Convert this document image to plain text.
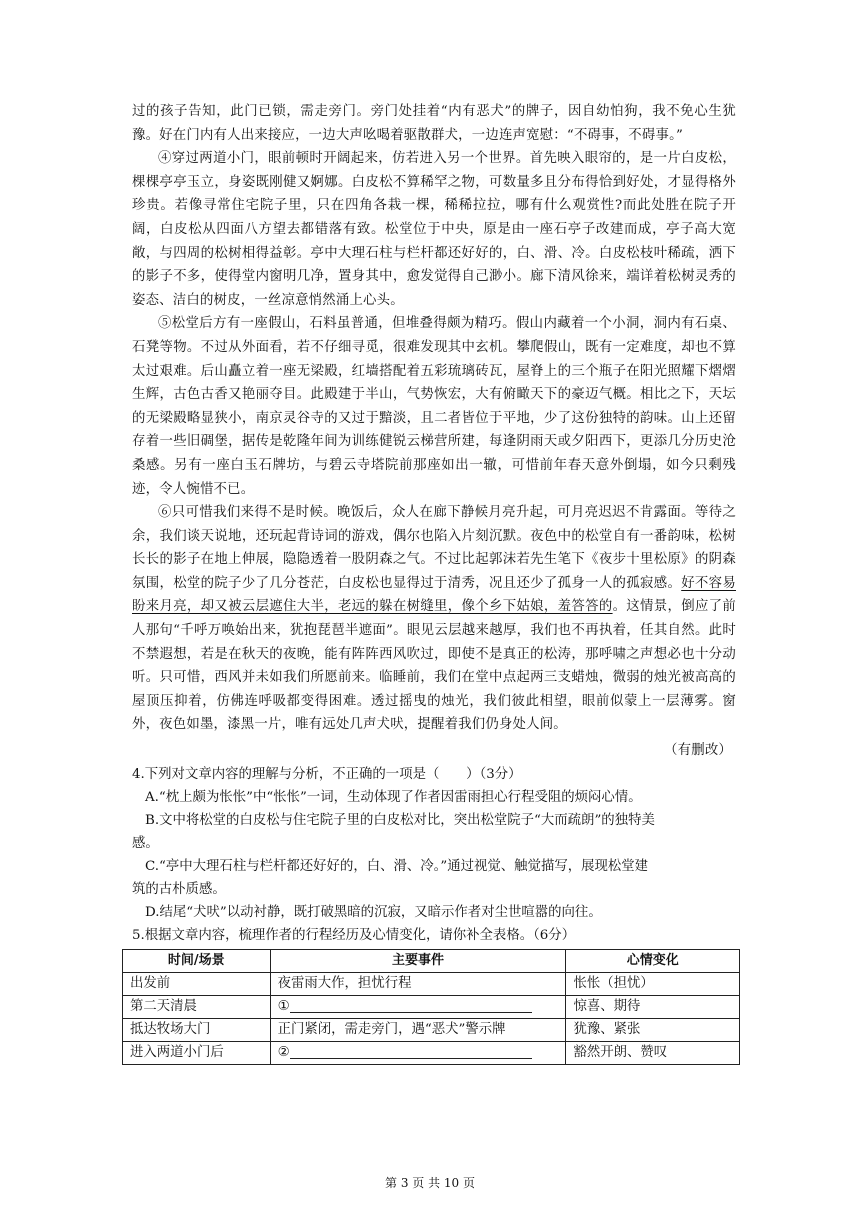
过的孩子告知，此门已锁，需走旁门。旁门处挂着“内有恶犬”的牌子，因自幼怕狗，我不免心生犹豫。好在门内有人出来接应，一边大声吆喝着驱散群犬，一边连声宽慰：“不碍事，不碍事。”

④穿过两道小门，眼前顿时开阔起来，仿若进入另一个世界。首先映入眼帘的，是一片白皮松，棵棵亭亭玉立，身姿既刚健又婀娜。白皮松不算稀罕之物，可数量多且分布得恰到好处，才显得格外珍贵。若像寻常住宅院子里，只在四角各栽一棵，稀稀拉拉，哪有什么观赏性?而此处胜在院子开阔，白皮松从四面八方望去都错落有致。松堂位于中央，原是由一座石亭子改建而成，亭子高大宽敞，与四周的松树相得益彰。亭中大理石柱与栏杆都还好好的，白、滑、冷。白皮松枝叶稀疏，洒下的影子不多，使得堂内窗明几净，置身其中，愈发觉得自己渺小。廊下清风徐来，端详着松树灵秀的姿态、洁白的树皮，一丝凉意悄然涌上心头。

⑤松堂后方有一座假山，石料虽普通，但堆叠得颇为精巧。假山内藏着一个小洞，洞内有石桌、石凳等物。不过从外面看，若不仔细寻觅，很难发现其中玄机。攀爬假山，既有一定难度，却也不算太过艰难。后山矗立着一座无梁殿，红墙搭配着五彩琉璃砖瓦，屋脊上的三个瓶子在阳光照耀下熠熠生辉，古色古香又艳丽夺目。此殿建于半山，气势恢宏，大有俯瞰天下的豪迈气概。相比之下，天坛的无梁殿略显狭小，南京灵谷寺的又过于黯淡，且二者皆位于平地，少了这份独特的韵味。山上还留存着一些旧碉堡，据传是乾隆年间为训练健锐云梯营所建，每逢阴雨天或夕阳西下，更添几分历史沧桑感。另有一座白玉石牌坊，与碧云寺塔院前那座如出一辙，可惜前年春天意外倒塌，如今只剩残迹，令人惋惜不已。

⑥只可惜我们来得不是时候。晚饭后，众人在廊下静候月亮升起，可月亮迟迟不肯露面。等待之余，我们谈天说地，还玩起背诗词的游戏，偶尔也陷入片刻沉默。夜色中的松堂自有一番韵味，松树长长的影子在地上伸展，隐隐透着一股阴森之气。不过比起郭沫若先生笔下《夜步十里松原》的阴森氛围，松堂的院子少了几分苍茫，白皮松也显得过于清秀，况且还少了孤身一人的孤寂感。好不容易盼来月亮，却又被云层遮住大半，老远的躲在树缝里，像个乡下姑娘，羞答答的。这情景，倒应了前人那句“千呼万唤始出来，犹抱琵琶半遮面”。眼见云层越来越厚，我们也不再执着，任其自然。此时不禁遐想，若是在秋天的夜晚，能有阵阵西风吹过，即使不是真正的松涛，那呼啸之声想必也十分动听。只可惜，西风并未如我们所愿前来。临睡前，我们在堂中点起两三支蜡烛，微弱的烛光被高高的屋顶压抑着，仿佛连呼吸都变得困难。透过摇曳的烛光，我们彼此相望，眼前似蒙上一层薄雾。窗外，夜色如墨，漆黑一片，唯有远处几声犬吠，提醒着我们仍身处人间。

（有删改）

4.下列对文章内容的理解与分析，不正确的一项是（　　）（3分）
A.“枕上颇为怅怅”中“怅怅”一词，生动体现了作者因雷雨担心行程受阻的烦闷心情。
B.文中将松堂的白皮松与住宅院子里的白皮松对比，突出松堂院子“大而疏朗”的独特美
感。
C.“亭中大理石柱与栏杆都还好好的，白、滑、冷。”通过视觉、触觉描写，展现松堂建
筑的古朴质感。
D.结尾“犬吠”以动衬静，既打破黑暗的沉寂，又暗示作者对尘世喧嚣的向往。
5.根据文章内容，梳理作者的行程经历及心情变化，请你补全表格。（6分）
时间/场景	主要事件	心情变化
出发前	夜雷雨大作，担忧行程	怅怅（担忧）
第二天清晨	①	惊喜、期待
抵达牧场大门	正门紧闭，需走旁门，遇“恶犬”警示牌	犹豫、紧张
进入两道小门后	②	豁然开朗、赞叹
第 3 页 共 10 页
